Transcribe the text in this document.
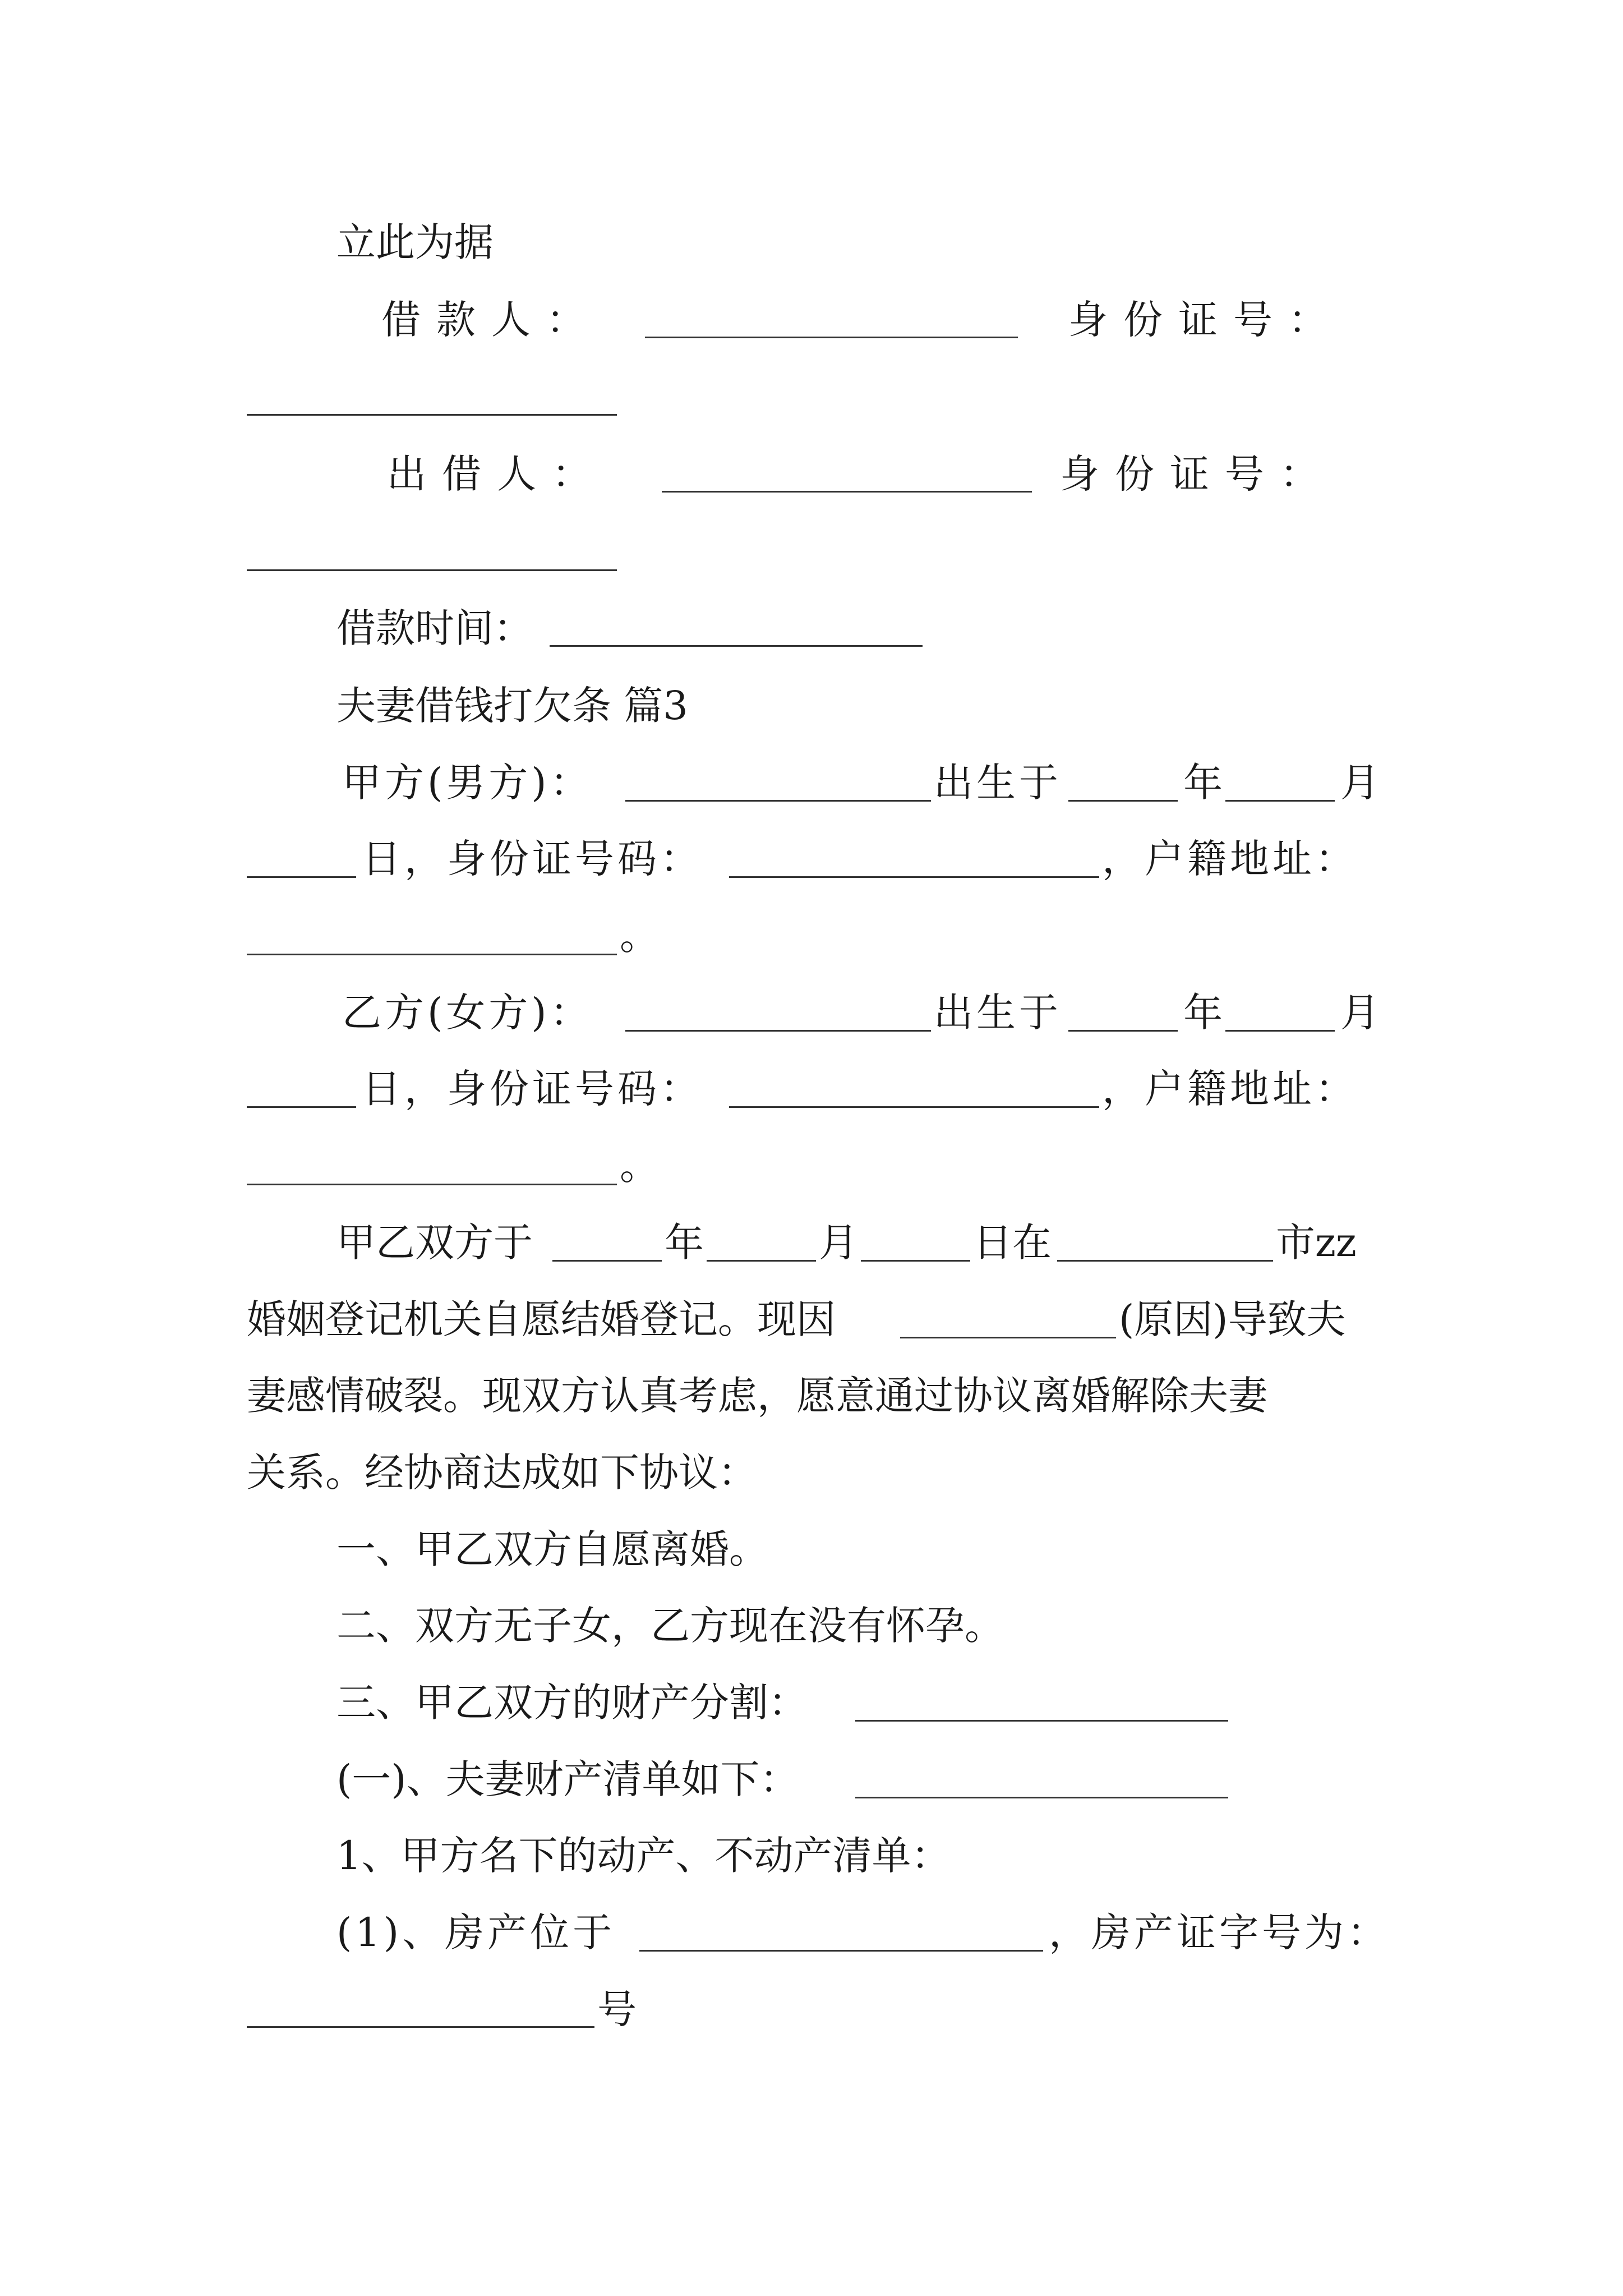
立此为据
借款人：	身份证号：
出借人：	身份证号：
借款时间：
夫妻借钱打欠条 篇3
甲方(男方)：	出生于	年	月
日，身份证号码：	，户籍地址：
。
乙方(女方)：	出生于	年	月
日，身份证号码：	，户籍地址：
。
甲乙双方于	年	月	日在	市zz
婚姻登记机关自愿结婚登记。现因	(原因)导致夫
妻感情破裂。现双方认真考虑，愿意通过协议离婚解除夫妻
关系。经协商达成如下协议：
一、甲乙双方自愿离婚。
二、双方无子女，乙方现在没有怀孕。
三、甲乙双方的财产分割：
(一)、夫妻财产清单如下：
1、甲方名下的动产、不动产清单：
(1)、房产位于	，房产证字号为：
号
